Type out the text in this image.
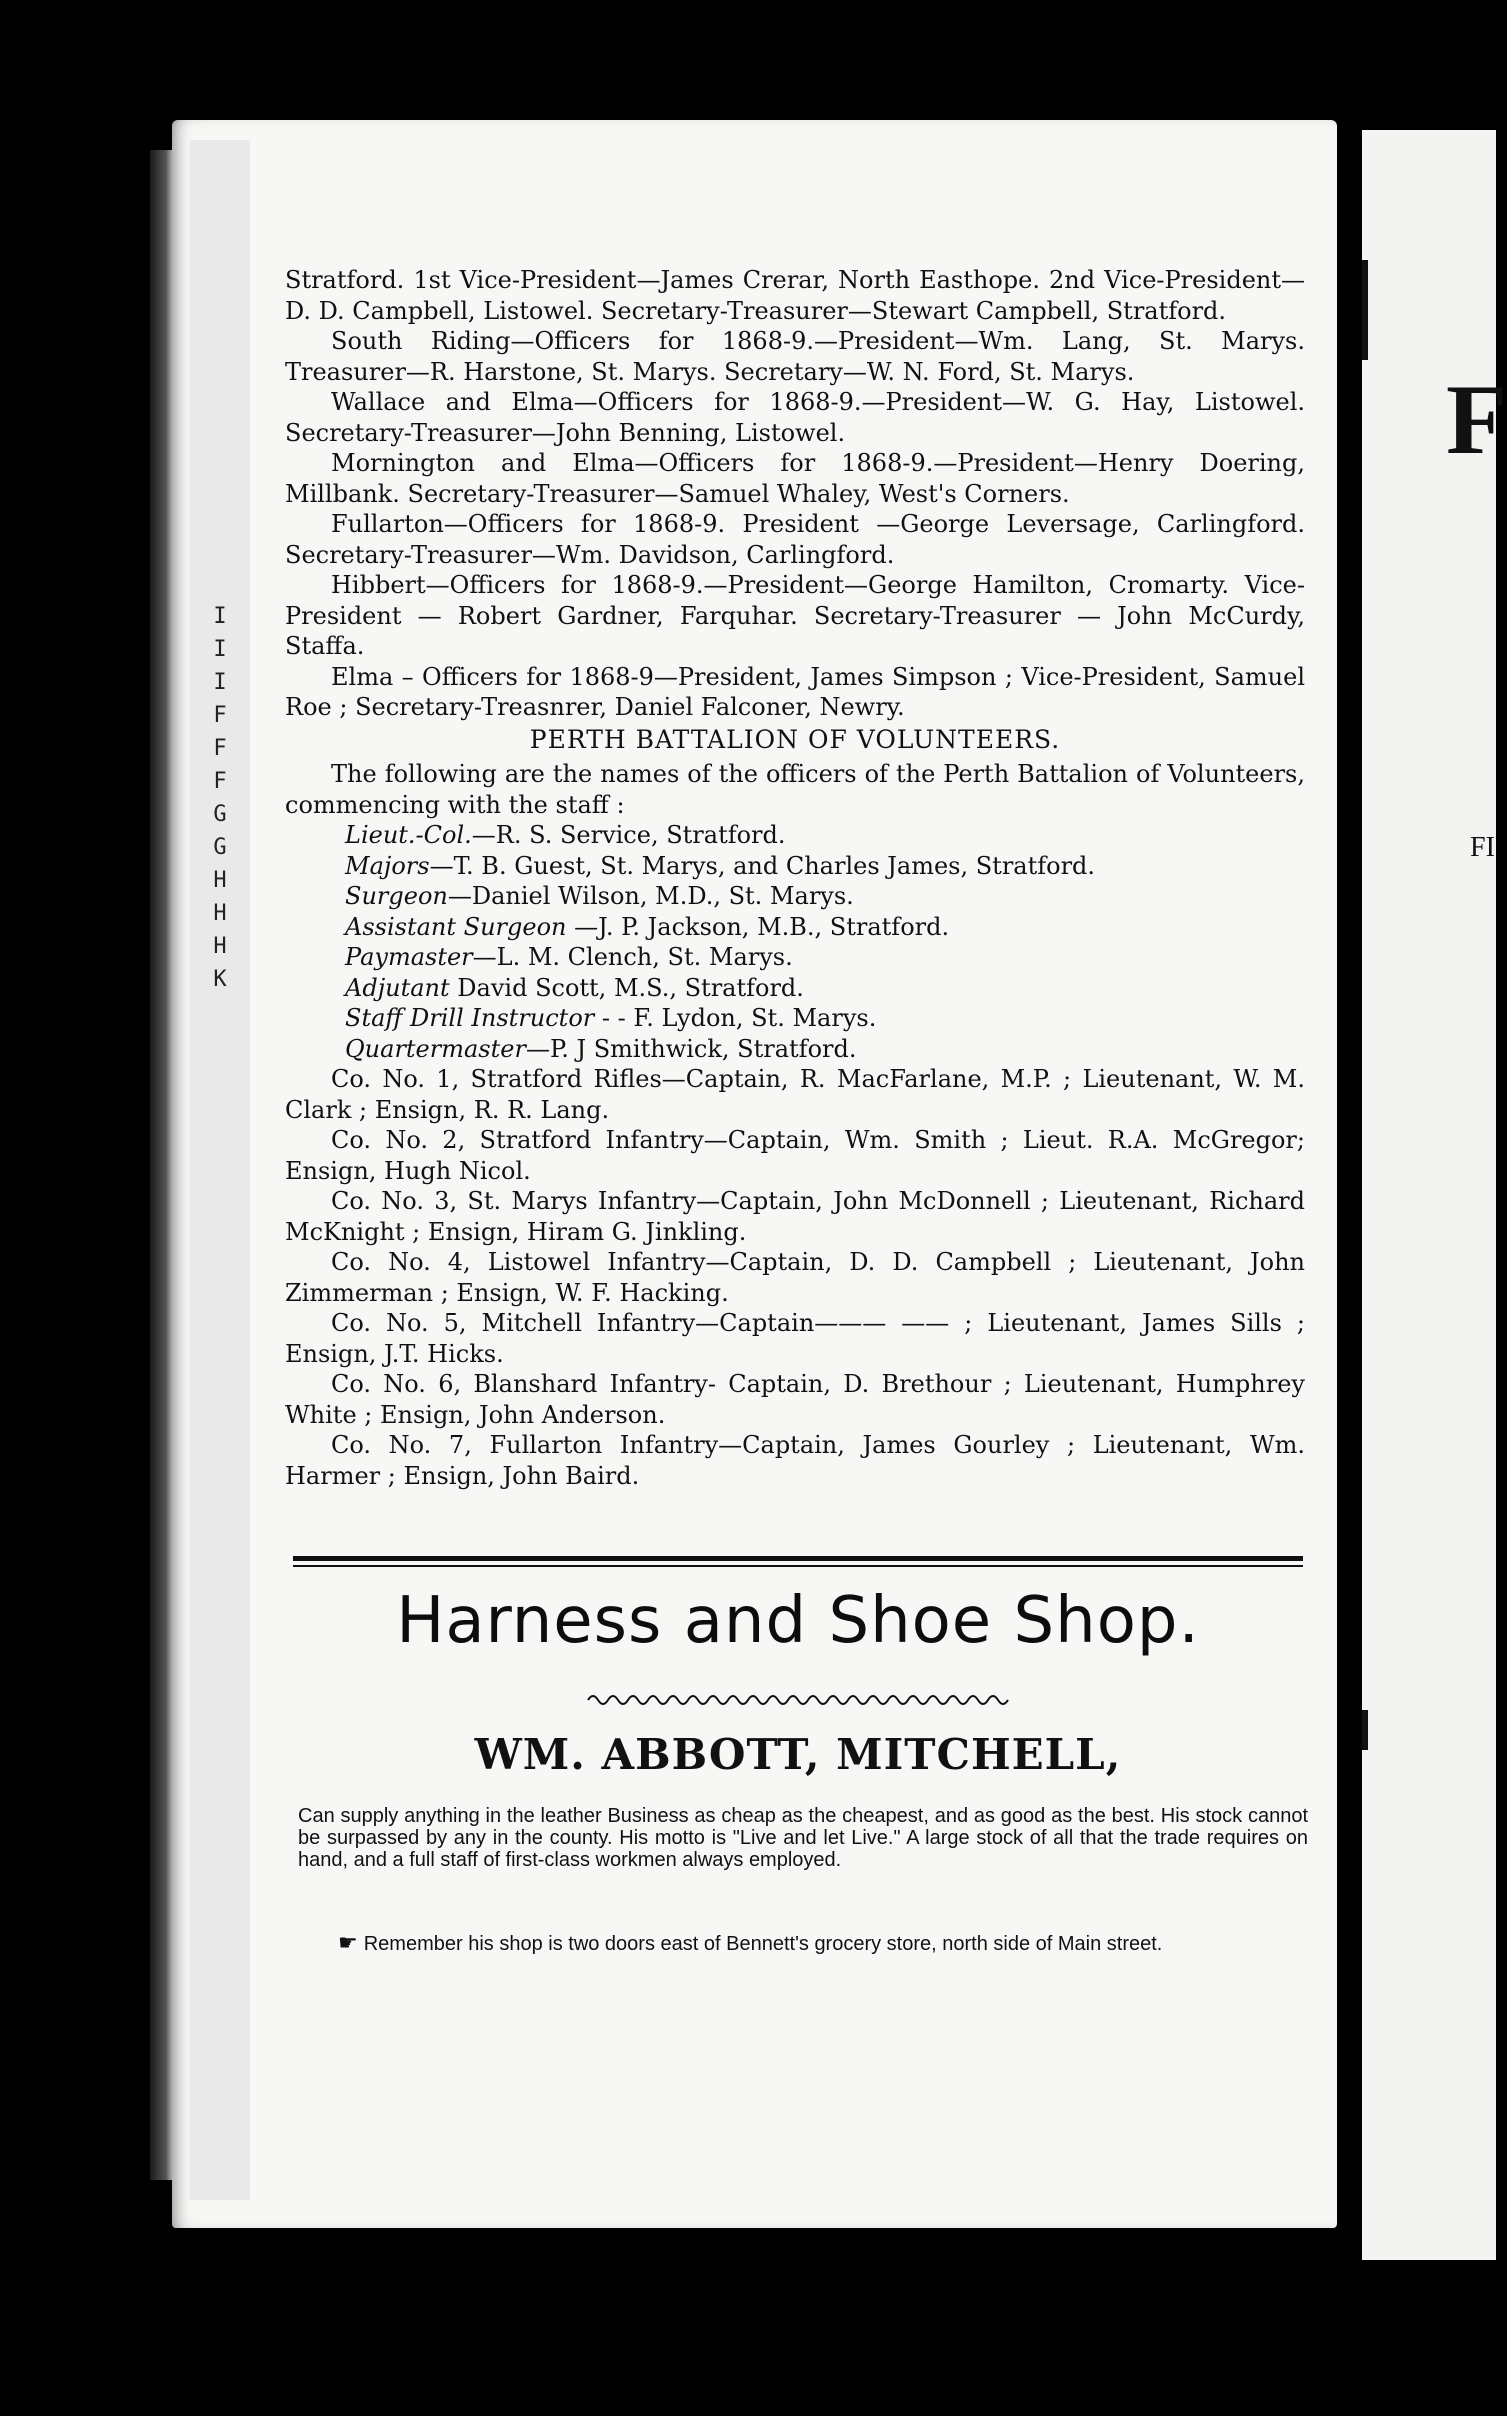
I
I
I
F
F
F
G
G
H
H
H
K
F
FI

Stratford. 1st Vice-President—James Crerar, North Easthope. 2nd Vice-President—D. D. Campbell, Listowel. Secretary-Treasurer—Stewart Campbell, Stratford.

South Riding—Officers for 1868-9.—President—Wm. Lang, St. Marys. Treasurer—R. Harstone, St. Marys. Secretary—W. N. Ford, St. Marys.

Wallace and Elma—Officers for 1868-9.—President—W. G. Hay, Listowel. Secretary-Treasurer—John Benning, Listowel.

Mornington and Elma—Officers for 1868-9.—President—Henry Doering, Millbank. Secretary-Treasurer—Samuel Whaley, West's Corners.

Fullarton—Officers for 1868-9. President —George Leversage, Carlingford. Secretary-Treasurer—Wm. Davidson, Carlingford.

Hibbert—Officers for 1868-9.—President—George Hamilton, Cromarty. Vice-President — Robert Gardner, Farquhar. Secretary-Treasurer — John McCurdy, Staffa.

Elma – Officers for 1868-9—President, James Simpson ; Vice-President, Samuel Roe ; Secretary-Treasnrer, Daniel Falconer, Newry.

PERTH BATTALION OF VOLUNTEERS.

The following are the names of the officers of the Perth Battalion of Volunteers, commencing with the staff :

Lieut.-Col.—R. S. Service, Stratford.

Majors—T. B. Guest, St. Marys, and Charles James, Stratford.

Surgeon—Daniel Wilson, M.D., St. Marys.

Assistant Surgeon —J. P. Jackson, M.B., Stratford.

Paymaster—L. M. Clench, St. Marys.

Adjutant David Scott, M.S., Stratford.

Staff Drill Instructor - - F. Lydon, St. Marys.

Quartermaster—P. J Smithwick, Stratford.

Co. No. 1, Stratford Rifles—Captain, R. MacFarlane, M.P. ; Lieutenant, W. M. Clark ; Ensign, R. R. Lang.

Co. No. 2, Stratford Infantry—Captain, Wm. Smith ; Lieut. R.A. McGregor; Ensign, Hugh Nicol.

Co. No. 3, St. Marys Infantry—Captain, John McDonnell ; Lieutenant, Richard McKnight ; Ensign, Hiram G. Jinkling.

Co. No. 4, Listowel Infantry—Captain, D. D. Campbell ; Lieutenant, John Zimmerman ; Ensign, W. F. Hacking.

Co. No. 5, Mitchell Infantry—Captain——— —— ; Lieutenant, James Sills ; Ensign, J.T. Hicks.

Co. No. 6, Blanshard Infantry- Captain, D. Brethour ; Lieutenant, Humphrey White ; Ensign, John Anderson.

Co. No. 7, Fullarton Infantry—Captain, James Gourley ; Lieutenant, Wm. Harmer ; Ensign, John Baird.

Harness and Shoe Shop.
WM. ABBOTT, MITCHELL,

Can supply anything in the leather Business as cheap as the cheapest, and as good as the best. His stock cannot be surpassed by any in the county. His motto is "Live and let Live." A large stock of all that the trade requires on hand, and a full staff of first-class workmen always employed.

☛ Remember his shop is two doors east of Bennett's grocery store, north side of Main street.
